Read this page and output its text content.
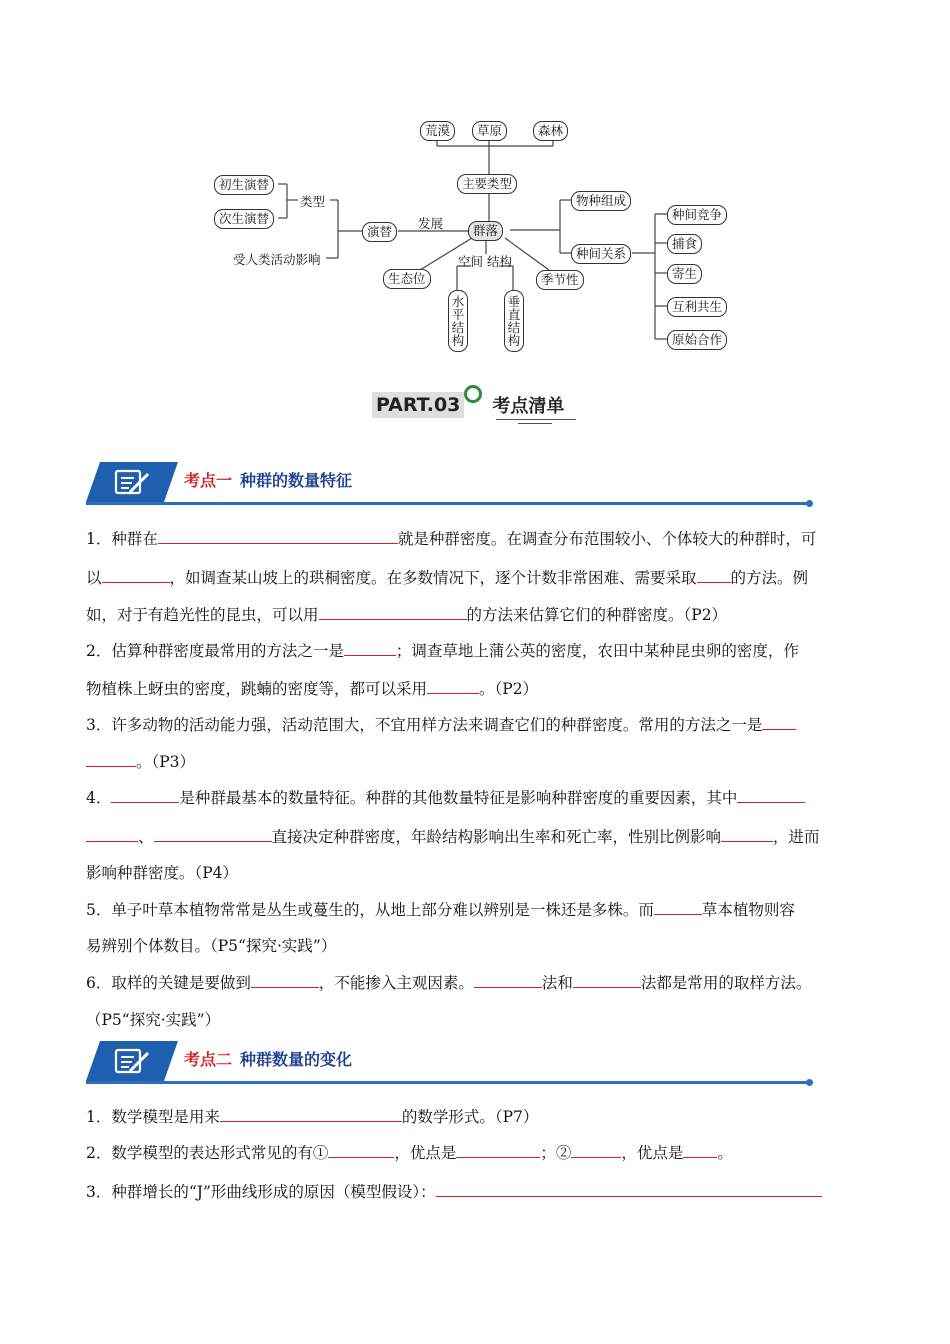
荒漠	草原	森林
主要类型
初生演替
次生演替
类型
受人类活动影响
演替
发展	群落
物种组成
种间关系
季节性
种间竞争
捕食
寄生
互利共生
原始合作
生态位
空间 结构
水平结构
垂直结构
PART.03 考点清单
考点一 种群的数量特征
1．种群在	就是种群密度。在调查分布范围较小、个体较大的种群时，可
以	，如调查某山坡上的珙桐密度。在多数情况下，逐个计数非常困难、需要采取 的方法。例
如，对于有趋光性的昆虫，可以用	的方法来估算它们的种群密度。（P2）
2．估算种群密度最常用的方法之一是	；调查草地上蒲公英的密度，农田中某种昆虫卵的密度，作
物植株上蚜虫的密度，跳蝻的密度等，都可以采用	。（P2）
3．许多动物的活动能力强，活动范围大，不宜用样方法来调查它们的种群密度。常用的方法之一是
。（P3）
4．	是种群最基本的数量特征。种群的其他数量特征是影响种群密度的重要因素，其中
、	直接决定种群密度，年龄结构影响出生率和死亡率，性别比例影响	，进而
影响种群密度。（P4）
5．单子叶草本植物常常是丛生或蔓生的，从地上部分难以辨别是一株还是多株。而	草本植物则容
易辨别个体数目。（P5“探究·实践”）
6．取样的关键是要做到	，不能掺入主观因素。	法和	法都是常用的取样方法。
（P5“探究·实践”）
考点二 种群数量的变化
1．数学模型是用来	的数学形式。（P7）
2．数学模型的表达形式常见的有①	，优点是	；②	，优点是 。
3．种群增长的“J”形曲线形成的原因（模型假设）：
